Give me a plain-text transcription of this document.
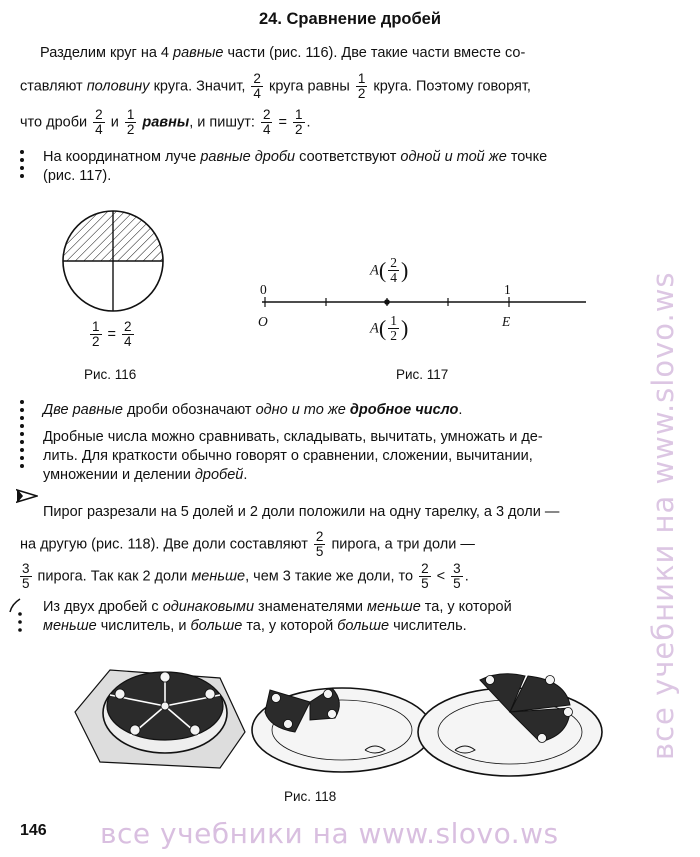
24. Сравнение дробей
Разделим круг на 4 равные части (рис. 116). Две такие части вместе со-
ставляют половину круга. Значит, $\frac{2}{4}$ круга равны $\frac{1}{2}$ круга. Поэтому говорят,
что дроби $\frac{2}{4}$ и $\frac{1}{2}$ равны, и пишут: $\frac{2}{4} = \frac{1}{2}$ .
На координатном луче равные дроби соответствуют одной и той же точке
(рис. 117).
$\frac{1}{2} = \frac{2}{4}$
Рис. 116
0	1
O	E
$A( \frac{2}{4}$ )
$A( \frac{1}{2}$ )
Рис. 117
Две равные дроби обозначают одно и то же дробное число.
Дробные числа можно сравнивать, складывать, вычитать, умножать и де-
лить. Для краткости обычно говорят о сравнении, сложении, вычитании,
умножении и делении дробей.
Пирог разрезали на 5 долей и 2 доли положили на одну тарелку, а 3 доли —
на другую (рис. 118). Две доли составляют $\frac{2}{5}$ пирога, а три доли —
$\frac{3}{5}$ пирога. Так как 2 доли меньше, чем 3 такие же доли, то $\frac{2}{5} < \frac{3}{5}$ .
Из двух дробей с одинаковыми знаменателями меньше та, у которой
меньше числитель, и больше та, у которой больше числитель.
Рис. 118
146 все учебники на www.slovo.ws
все учебники на www.slovo.ws
